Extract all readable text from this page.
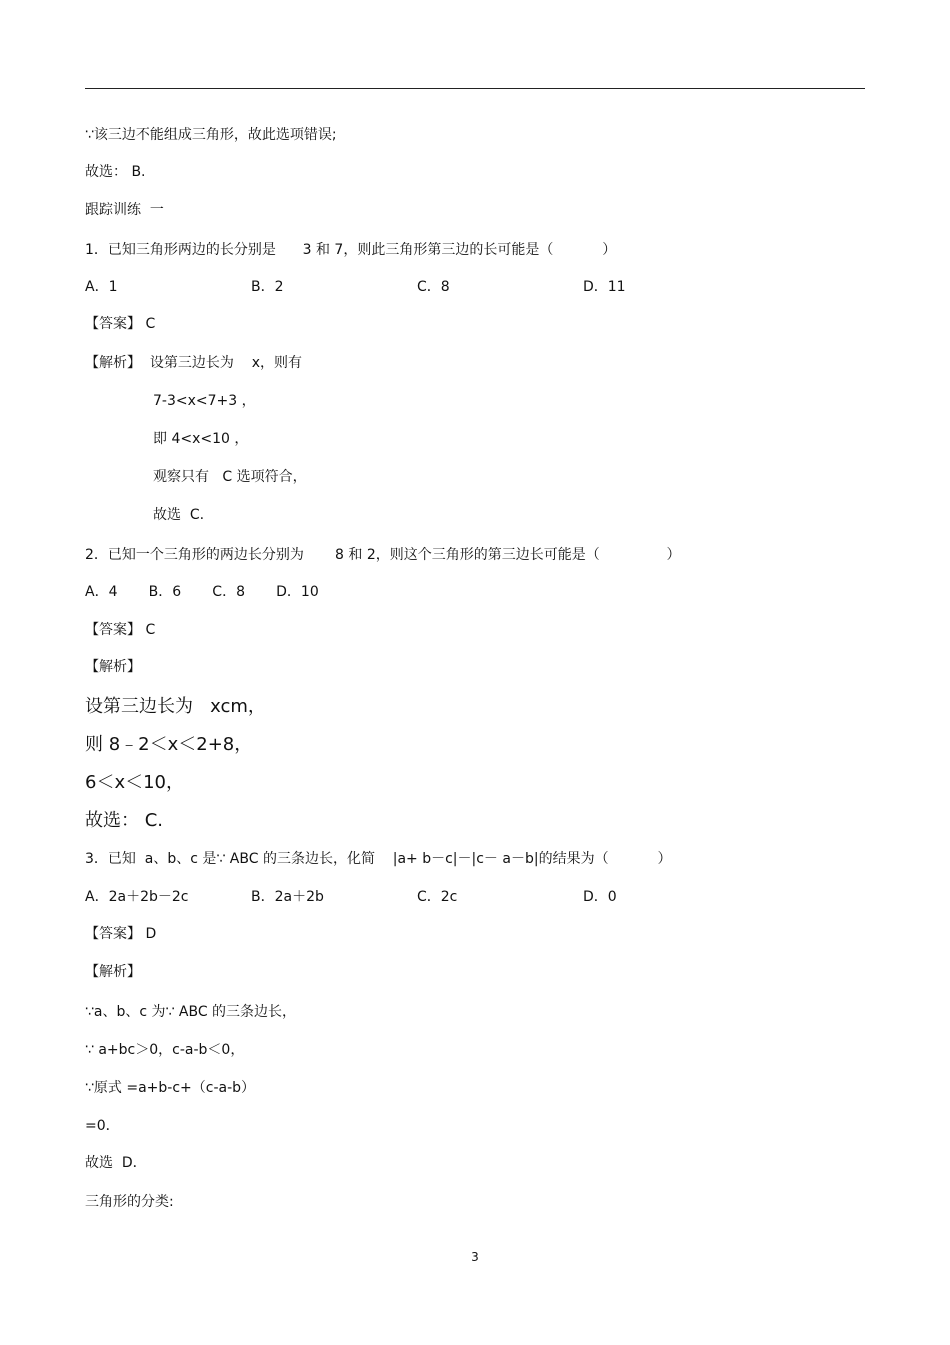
∵该三边不能组成三角形，故此选项错误;
故选： B.
跟踪训练  一
1．已知三角形两边的长分别是      3 和 7，则此三角形第三边的长可能是（           ）
A．1	B．2	C．8	D．11
【答案】 C
【解析】  设第三边长为    x，则有
7-3<x<7+3 ，
即 4<x<10 ，
观察只有   C 选项符合，
故选  C.
2．已知一个三角形的两边长分别为       8 和 2，则这个三角形的第三边长可能是（               ）
A．4       B．6       C．8       D．10
【答案】 C
【解析】
设第三边长为   xcm，
则 8﹣2＜x＜2+8，
6＜x＜10，
故选： C.
3．已知  a、b、c 是∵ ABC 的三条边长，化简    |a+ b－c|－|c－ a－b|的结果为（           ）
A．2a＋2b－2c	B．2a＋2b	C．2c	D．0
【答案】 D
【解析】
∵a、b、c 为∵ ABC 的三条边长，
∵ a+bc＞0，c-a-b＜0，
∵原式 =a+b-c+（c-a-b）
=0．
故选  D．
三角形的分类:
3
